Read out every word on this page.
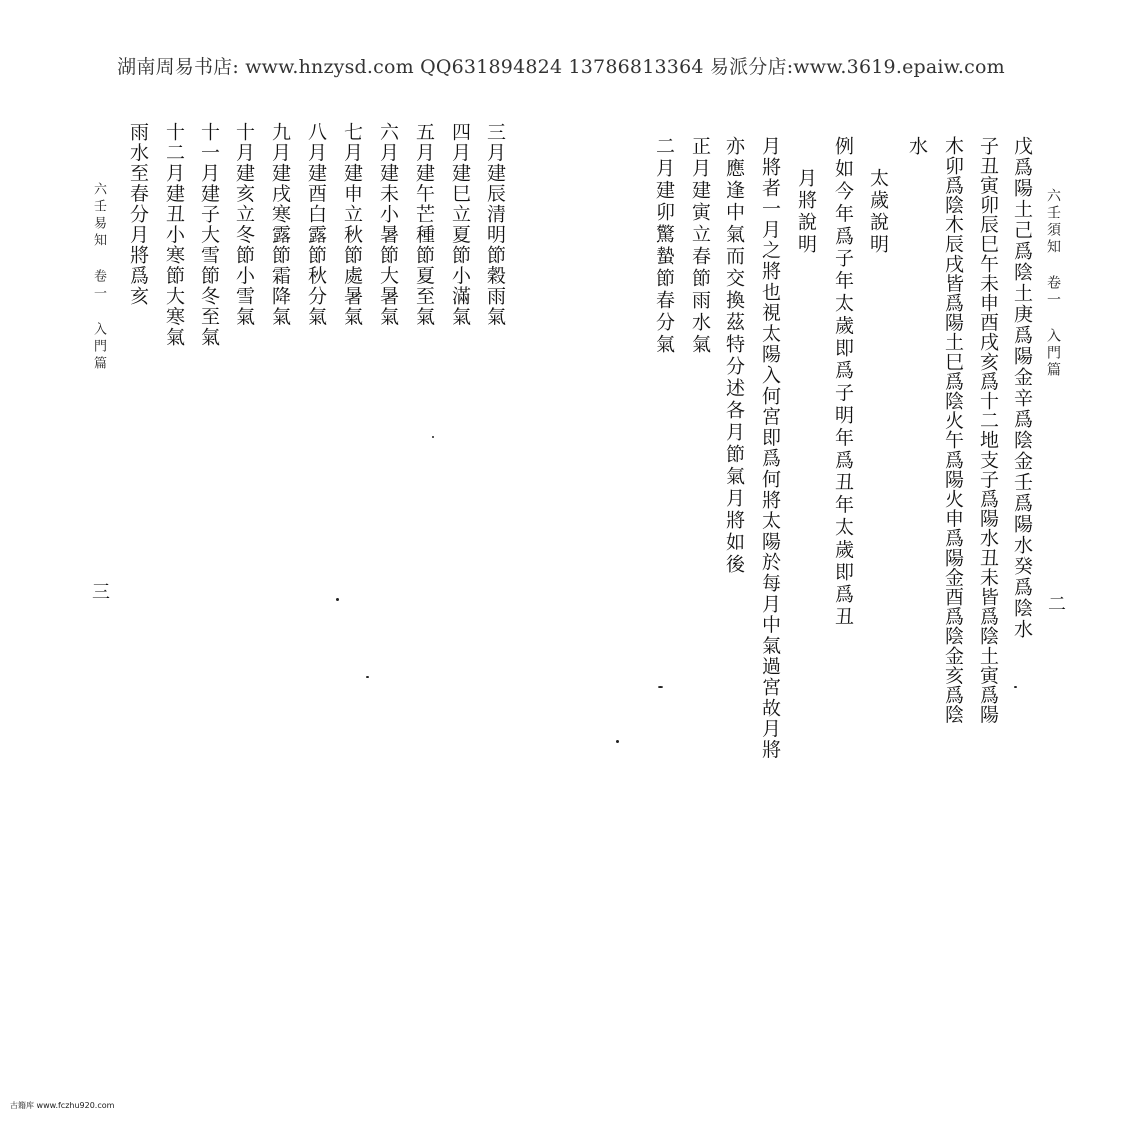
湖南周易书店: www.hnzysd.com QQ631894824 13786813364 易派分店:www.3619.epaiw.com
六壬須知 卷一 入門篇
二
戊爲陽土己爲陰土庚爲陽金辛爲陰金壬爲陽水癸爲陰水
子丑寅卯辰巳午未申酉戌亥爲十二地支子爲陽水丑未皆爲陰土寅爲陽
木卯爲陰木辰戌皆爲陽土巳爲陰火午爲陽火申爲陽金酉爲陰金亥爲陰
水
太歲說明
例如今年爲子年太歲即爲子明年爲丑年太歲即爲丑
月將說明
月將者一月之將也視太陽入何宮即爲何將太陽於每月中氣過宮故月將
亦應逢中氣而交換茲特分述各月節氣月將如後
正月建寅立春節雨水氣
二月建卯驚蟄節春分氣
三月建辰清明節穀雨氣
四月建巳立夏節小滿氣
五月建午芒種節夏至氣
六月建未小暑節大暑氣
七月建申立秋節處暑氣
八月建酉白露節秋分氣
九月建戌寒露節霜降氣
十月建亥立冬節小雪氣
十一月建子大雪節冬至氣
十二月建丑小寒節大寒氣
雨水至春分月將爲亥
六壬易知 卷一 入門篇
三
古籍库 www.fczhu920.com
